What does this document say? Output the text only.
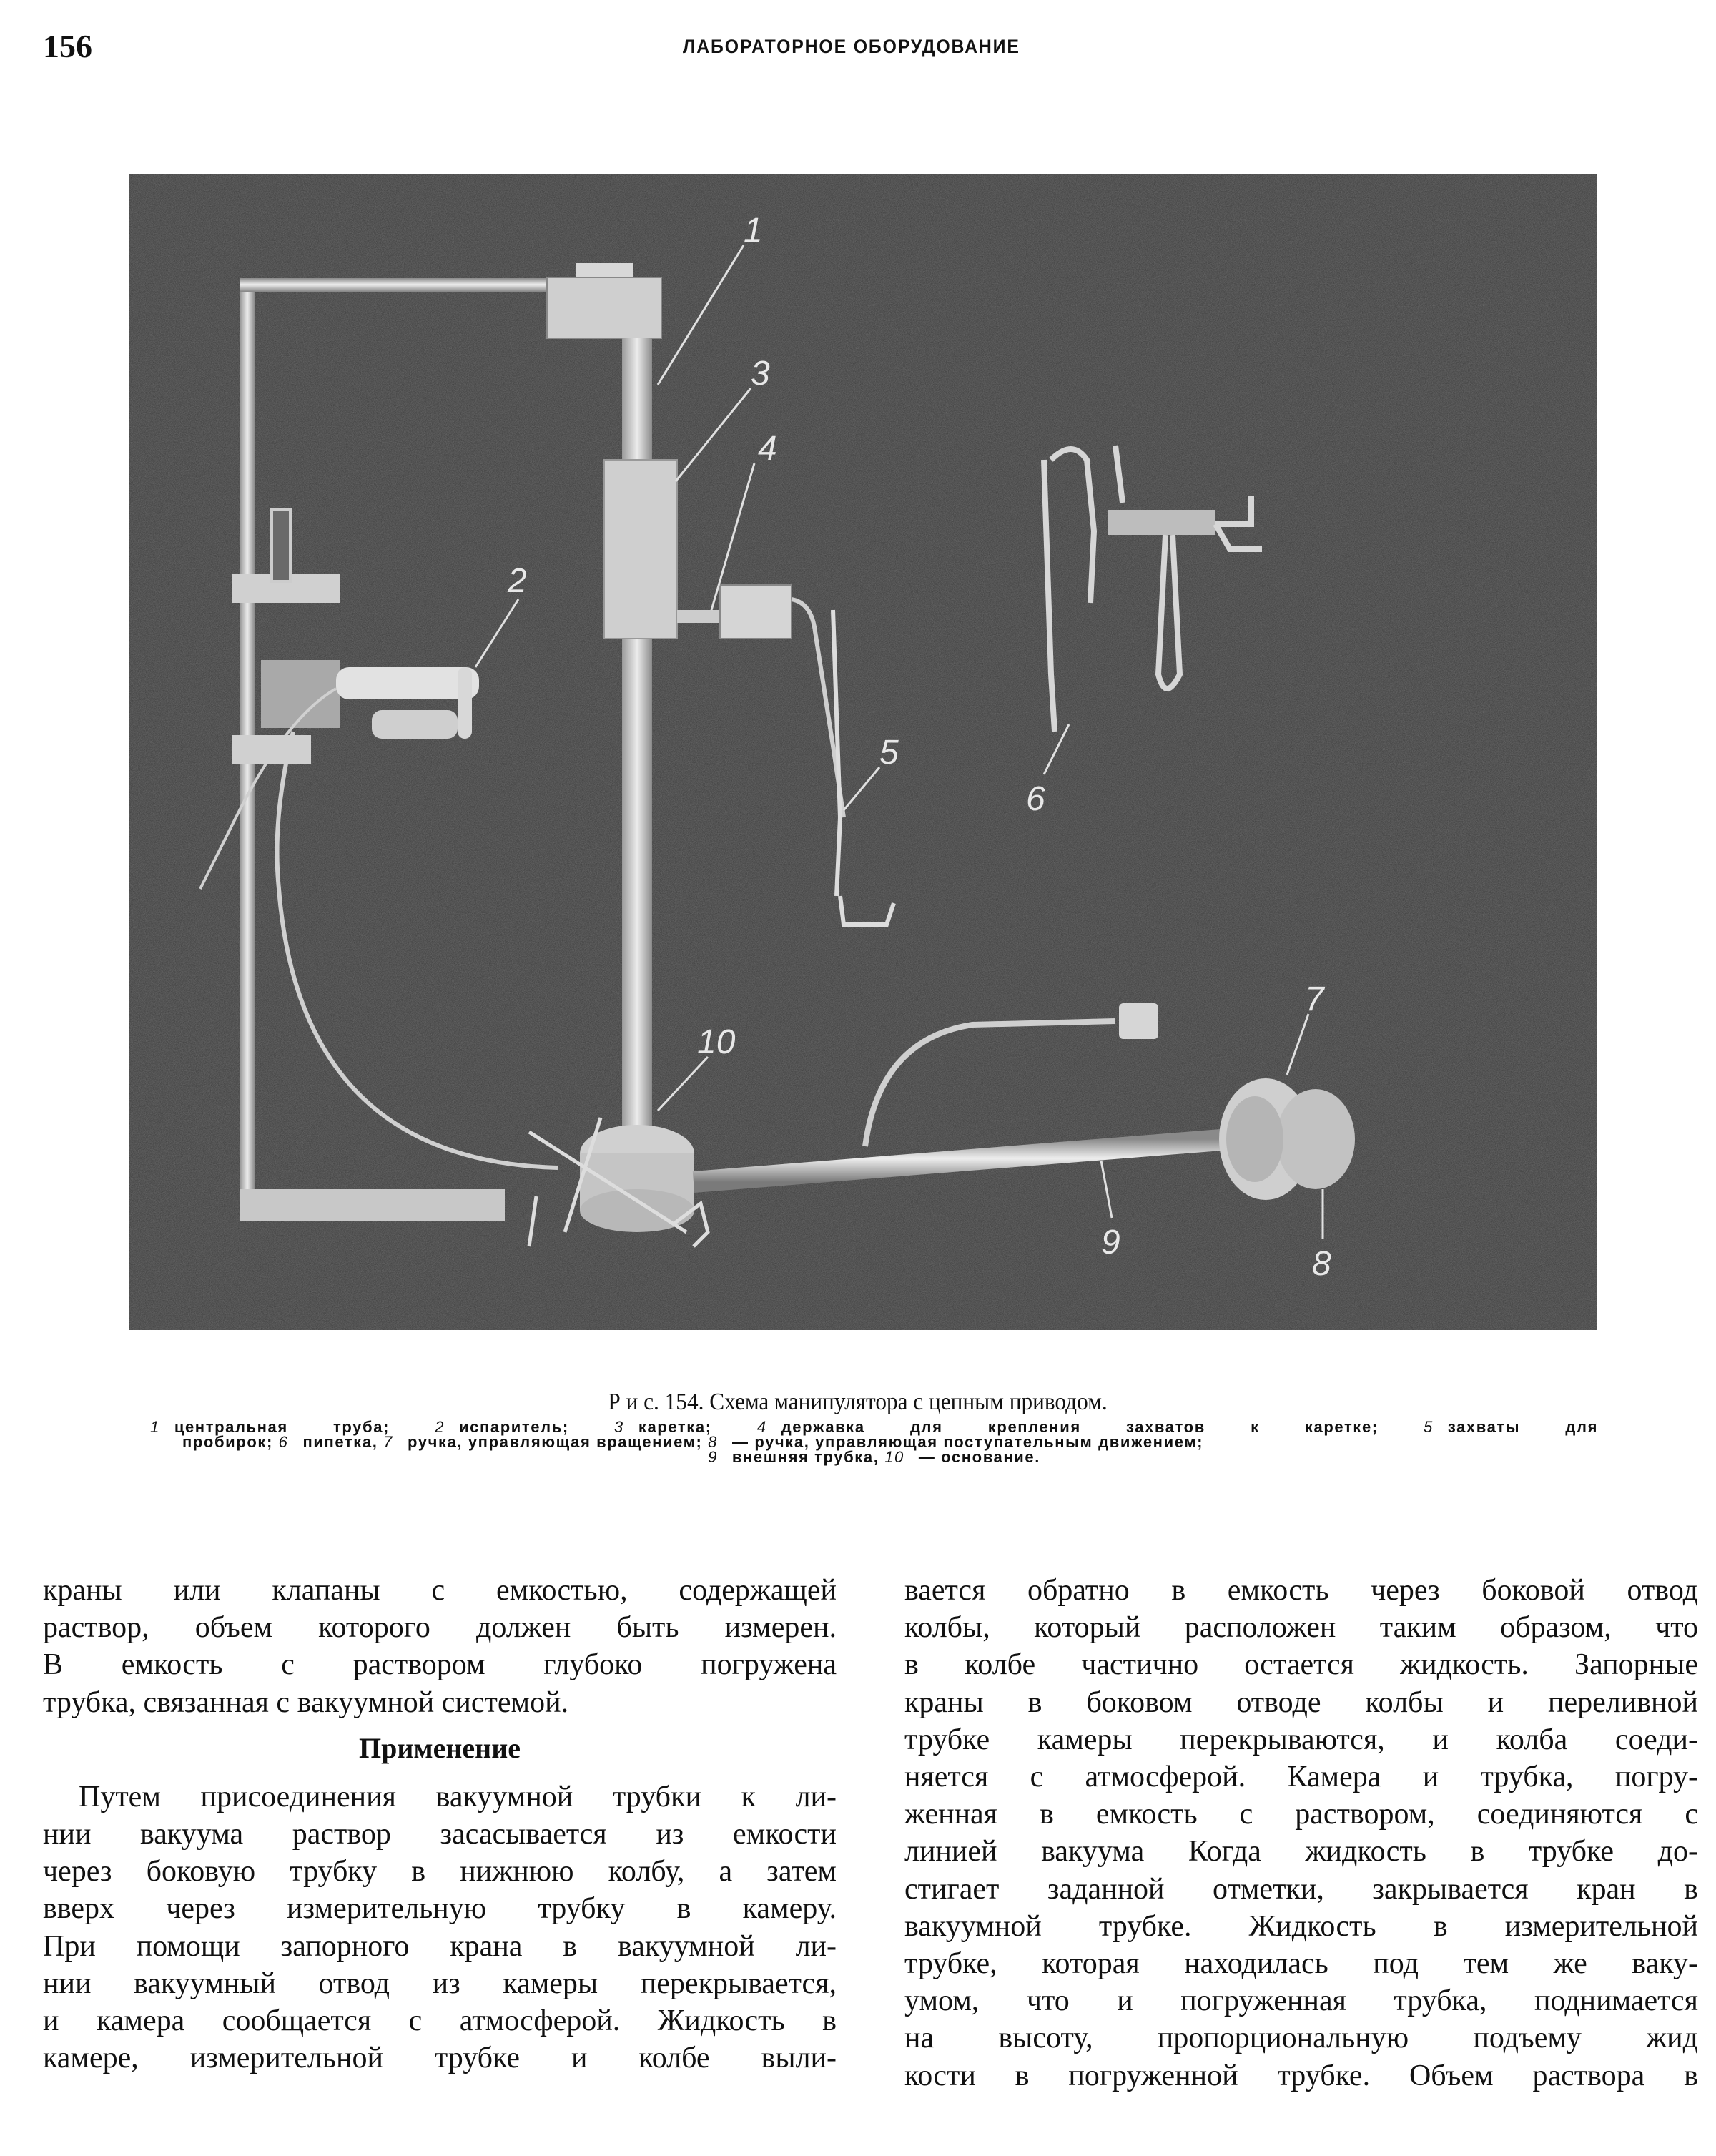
156	ЛАБОРАТОРНОЕ ОБОРУДОВАНИЕ
1
2
3
4
5
6
7
8
9
10
Р и с. 154. Схема манипулятора с цепным приводом.
1 центральная труба;	2 испаритель;	3 каретка;	4 державка для крепления захватов к каретке;	5 захваты для
пробирок; 6 пипетка, 7 ручка, управляющая вращением; 8 — ручка, управляющая поступательным движением;
9 внешняя трубка, 10 — основание.

краны или клапаны с емкостью, содержащей
раствор, объем которого должен быть измерен.
В емкость с раствором глубоко погружена
трубка, связанная с вакуумной системой.

Применение

Путем присоединения вакуумной трубки к ли-
нии вакуума раствор засасывается из емкости
через боковую трубку в нижнюю колбу, а затем
вверх через измерительную трубку в камеру.
При помощи запорного крана в вакуумной ли-
нии вакуумный отвод из камеры перекрывается,
и камера сообщается с атмосферой. Жидкость в
камере, измерительной трубке и колбе выли-

вается обратно в емкость через боковой отвод
колбы, который расположен таким образом, что
в колбе частично остается жидкость. Запорные
краны в боковом отводе колбы и переливной
трубке камеры перекрываются, и колба соеди-
няется с атмосферой. Камера и трубка, погру-
женная в емкость с раствором, соединяются с
линией вакуума Когда жидкость в трубке до-
стигает заданной отметки, закрывается кран в
вакуумной трубке. Жидкость в измерительной
трубке, которая находилась под тем же ваку-
умом, что и погруженная трубка, поднимается
на высоту, пропорциональную подъему жид
кости в погруженной трубке. Объем раствора в
